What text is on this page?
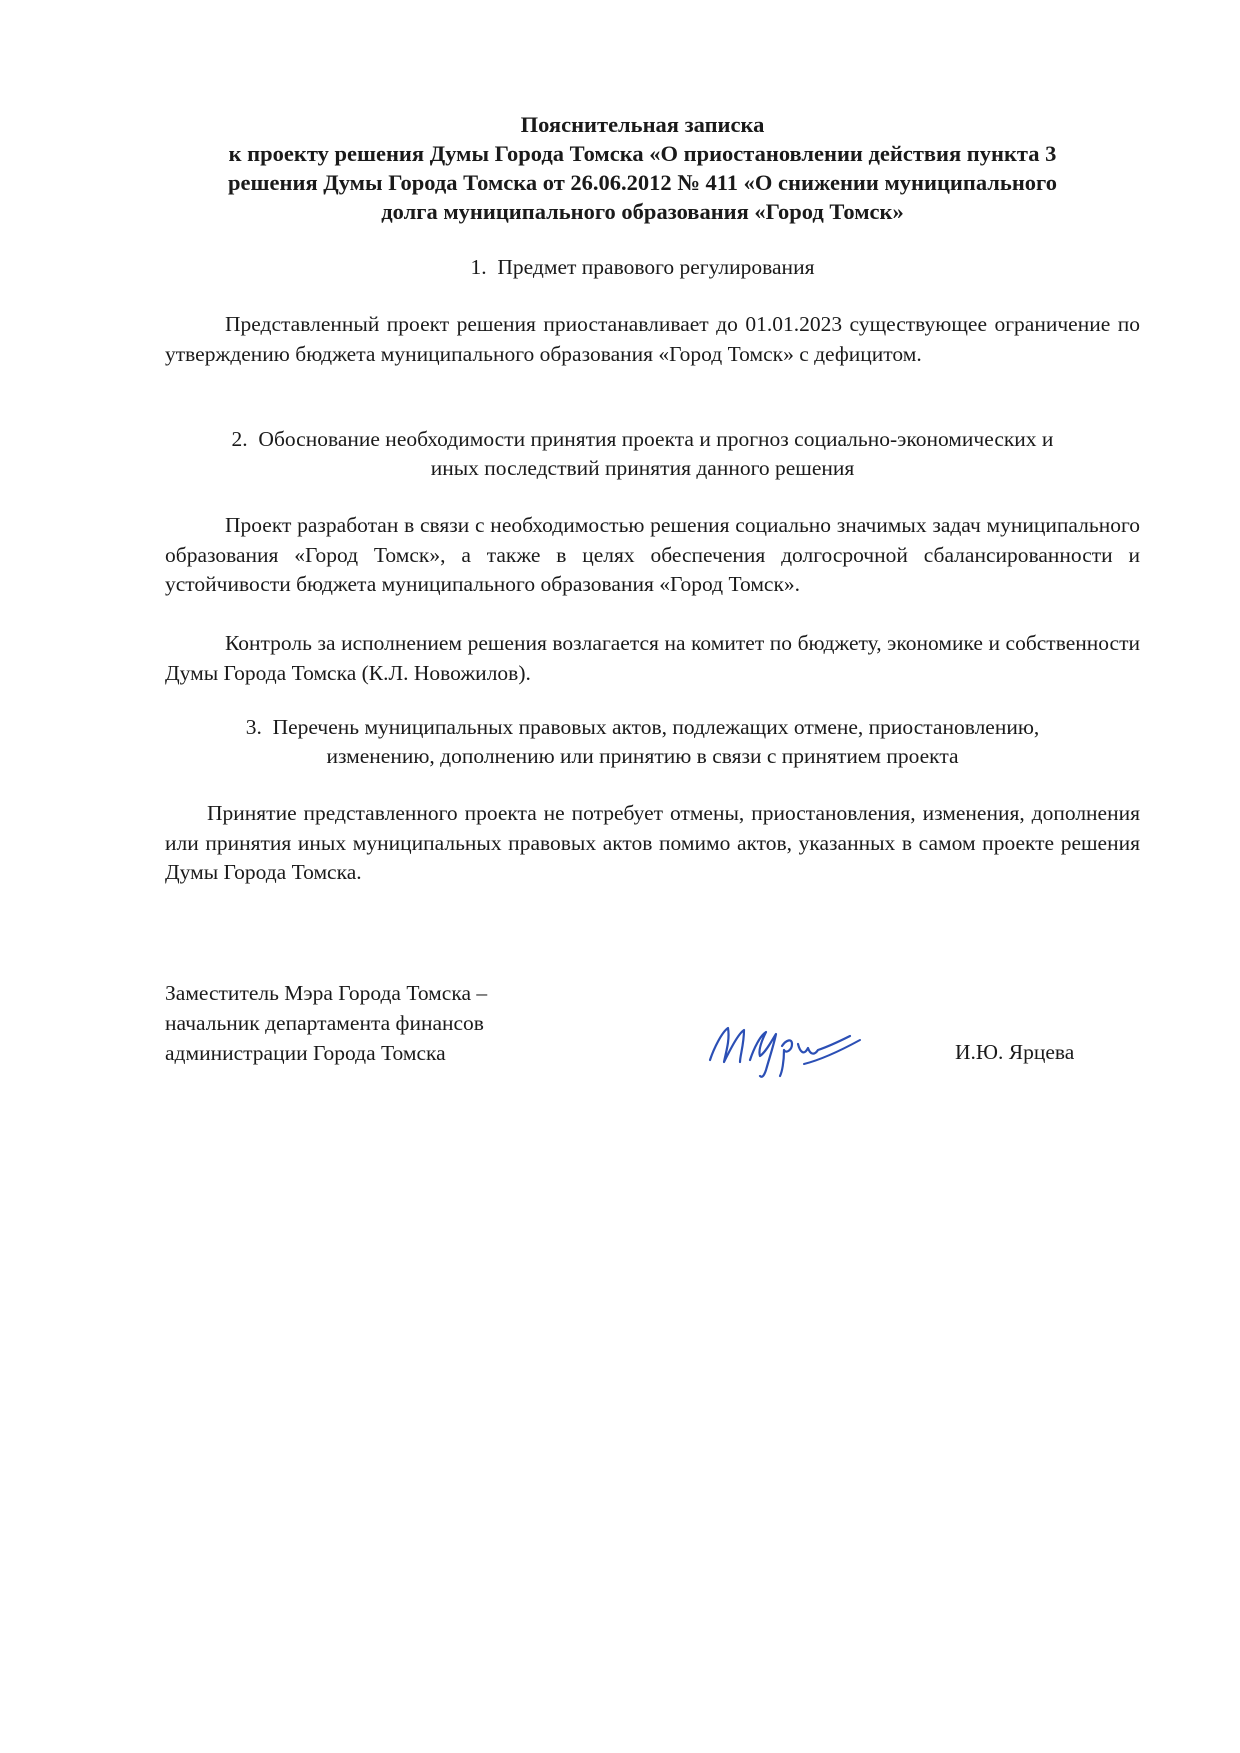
Пояснительная записка
к проекту решения Думы Города Томска «О приостановлении действия пункта 3
решения Думы Города Томска от 26.06.2012 № 411 «О снижении муниципального
долга муниципального образования «Город Томск»
1.  Предмет правового регулирования
Представленный проект решения приостанавливает до 01.01.2023 существующее ограничение по утверждению бюджета муниципального образования «Город Томск» с дефицитом.
2.  Обоснование необходимости принятия проекта и прогноз социально-экономических и
иных последствий принятия данного решения
Проект разработан в связи с необходимостью решения социально значимых задач муниципального образования «Город Томск», а также в целях обеспечения долгосрочной сбалансированности и устойчивости бюджета муниципального образования «Город Томск».
Контроль за исполнением решения возлагается на комитет по бюджету, экономике и собственности Думы Города Томска (К.Л. Новожилов).
3.  Перечень муниципальных правовых актов, подлежащих отмене, приостановлению,
изменению, дополнению или принятию в связи с принятием проекта
Принятие представленного проекта не потребует отмены, приостановления, изменения, дополнения или принятия иных муниципальных правовых актов помимо актов, указанных в самом проекте решения Думы Города Томска.
Заместитель Мэра Города Томска –
начальник департамента финансов
администрации Города Томска	И.Ю. Ярцева
